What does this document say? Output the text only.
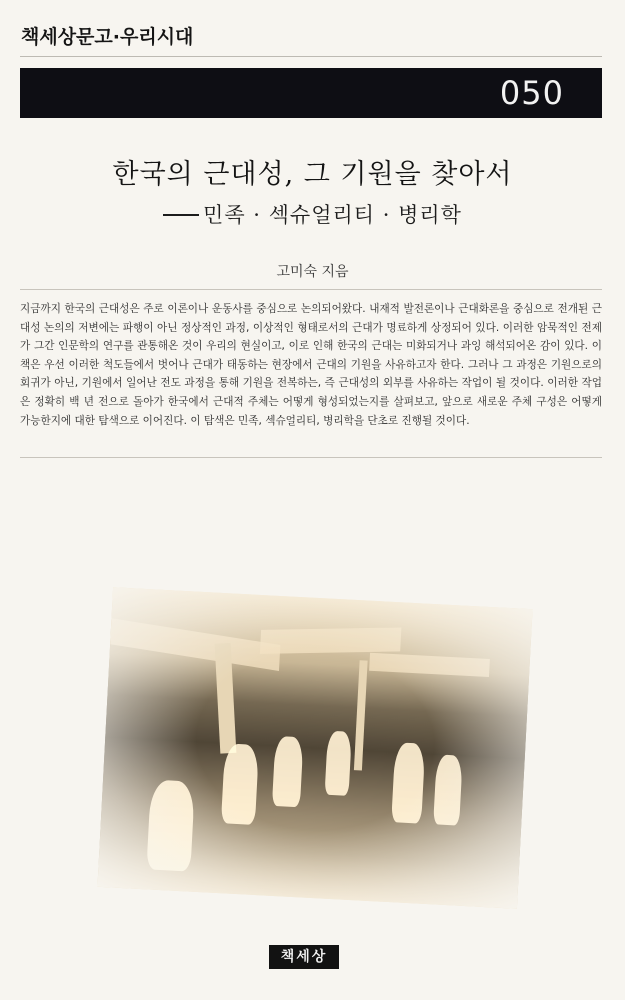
책세상문고·우리시대
050
한국의 근대성, 그 기원을 찾아서
민족 · 섹슈얼리티 · 병리학
고미숙 지음
지금까지 한국의 근대성은 주로 이론이나 운동사를 중심으로 논의되어왔다. 내재적 발전론이나 근대화론을 중심으로 전개된 근대성 논의의 저변에는 파행이 아닌 정상적인 과정, 이상적인 형태로서의 근대가 명료하게 상정되어 있다. 이러한 암묵적인 전제가 그간 인문학의 연구를 관통해온 것이 우리의 현실이고, 이로 인해 한국의 근대는 미화되거나 과잉 해석되어온 감이 있다. 이 책은 우선 이러한 척도들에서 벗어나 근대가 태동하는 현장에서 근대의 기원을 사유하고자 한다. 그러나 그 과정은 기원으로의 회귀가 아닌, 기원에서 일어난 전도 과정을 통해 기원을 전복하는, 즉 근대성의 외부를 사유하는 작업이 될 것이다. 이러한 작업은 정확히 백 년 전으로 돌아가 한국에서 근대적 주체는 어떻게 형성되었는지를 살펴보고, 앞으로 새로운 주체 구성은 어떻게 가능한지에 대한 탐색으로 이어진다. 이 탐색은 민족, 섹슈얼리티, 병리학을 단초로 진행될 것이다.
책세상
